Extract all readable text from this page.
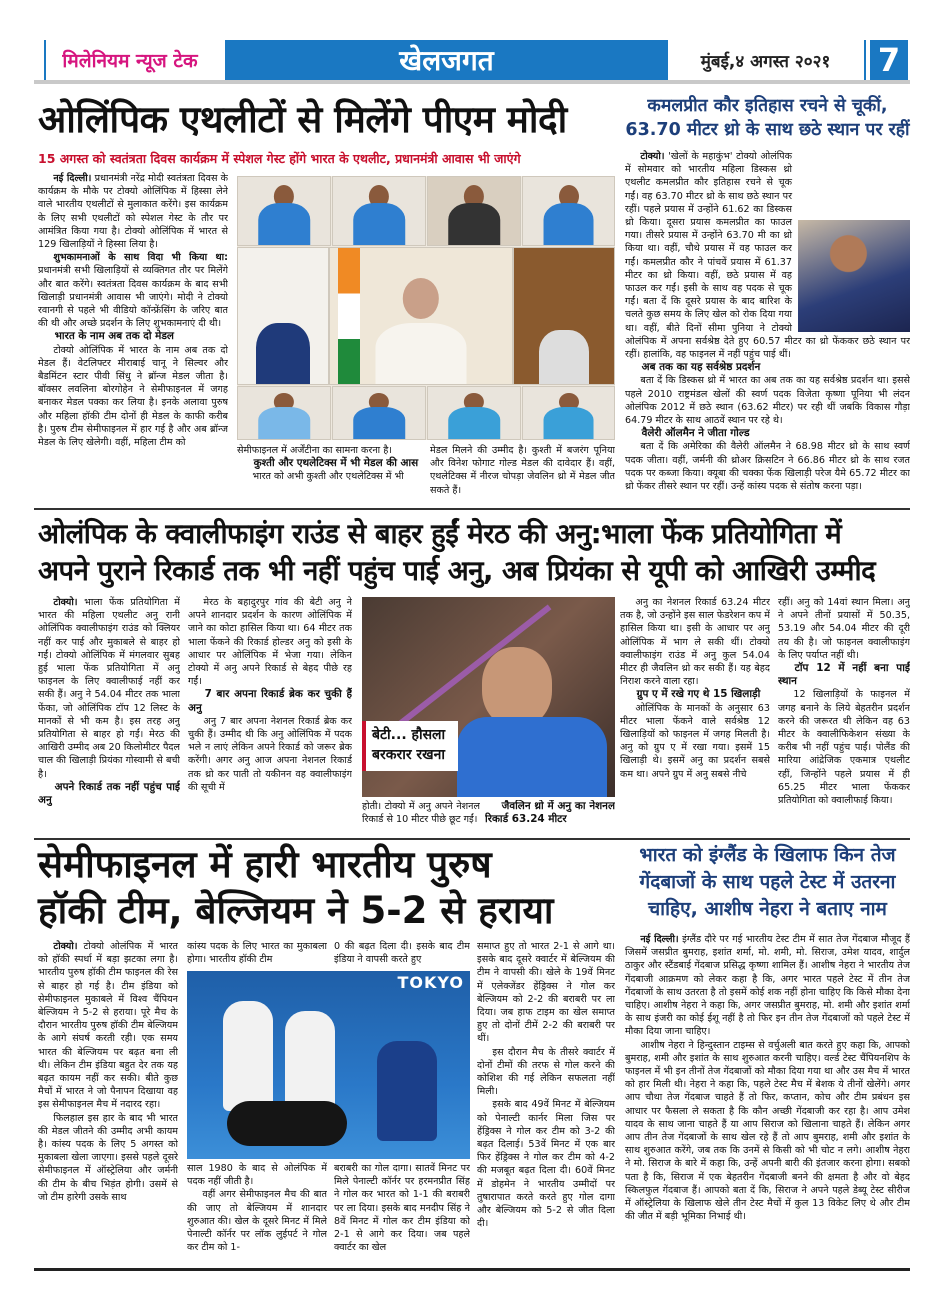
मिलेनियम न्यूज टेक	खेलजगत	मुंबई,४ अगस्त २०२१	7
ओलिंपिक एथलीटों से मिलेंगे पीएम मोदी
15 अगस्त को स्वतंत्रता दिवस कार्यक्रम में स्पेशल गेस्ट होंगे भारत के एथलीट, प्रधानमंत्री आवास भी जाएंगे

नई दिल्ली। प्रधानमंत्री नरेंद्र मोदी स्वतंत्रता दिवस के कार्यक्रम के मौके पर टोक्यो ओलिंपिक में हिस्सा लेने वाले भारतीय एथलीटों से मुलाकात करेंगे। इस कार्यक्रम के लिए सभी एथलीटों को स्पेशल गेस्ट के तौर पर आमंत्रित किया गया है। टोक्यो ओलिंपिक में भारत से 129 खिलाड़ियों ने हिस्सा लिया है।

शुभकामनाओं के साथ विदा भी किया था: प्रधानमंत्री सभी खिलाड़ियों से व्यक्तिगत तौर पर मिलेंगे और बात करेंगे। स्वतंत्रता दिवस कार्यक्रम के बाद सभी खिलाड़ी प्रधानमंत्री आवास भी जाएंगे। मोदी ने टोक्यो रवानगी से पहले भी वीडियो कॉन्फ्रेंसिंग के जरिए बात की थी और अच्छे प्रदर्शन के लिए शुभकामनाएं दी थी।

भारत के नाम अब तक दो मेडल

टोक्यो ओलिंपिक में भारत के नाम अब तक दो मेडल हैं। वेटलिफ्टर मीराबाई चानू ने सिल्वर और बैडमिंटन स्टार पीवी सिंधु ने ब्रॉन्ज मेडल जीता है। बॉक्सर लवलिना बोरगोहेन ने सेमीफाइनल में जगह बनाकर मेडल पक्का कर लिया है। इनके अलावा पुरुष और महिला हॉकी टीम दोनों ही मेडल के काफी करीब है। पुरुष टीम सेमीफाइनल में हार गई है और अब ब्रॉन्ज मेडल के लिए खेलेगी। वहीं, महिला टीम को

सेमीफाइनल में अर्जेंटीना का सामना करना है।

कुश्ती और एथलेटिक्स में भी मेडल की आस

भारत को अभी कुश्ती और एथलेटिक्स में भी

मेडल मिलने की उम्मीद है। कुश्ती में बजरंग पूनिया और विनेश फोगाट गोल्ड मेडल की दावेदार हैं। वहीं, एथलेटिक्स में नीरज चोपड़ा जेवलिन थ्रो में मेडल जीत सकते हैं।

कमलप्रीत कौर इतिहास रचने से चूकीं, 63.70 मीटर थ्रो के साथ छठे स्थान पर रहीं

टोक्यो। 'खेलों के महाकुंभ' टोक्यो ओलंपिक में सोमवार को भारतीय महिला डिस्कस थ्रो एथलीट कमलप्रीत कौर इतिहास रचने से चूक गईं। वह 63.70 मीटर थ्रो के साथ छठे स्थान पर रहीं। पहले प्रयास में उन्होंने 61.62 का डिस्कस थ्रो किया। दूसरा प्रयास कमलप्रीत का फाउल गया। तीसरे प्रयास में उन्होंने 63.70 मी का थ्रो किया था। वहीं, चौथे प्रयास में वह फाउल कर गईं। कमलप्रीत कौर ने पांचवें प्रयास में 61.37 मीटर का थ्रो किया। वहीं, छठे प्रयास में वह फाउल कर गईं। इसी के साथ वह पदक से चूक गईं। बता दें कि दूसरे प्रयास के बाद बारिश के चलते कुछ समय के लिए खेल को रोक दिया गया था। वहीं, बीते दिनों सीमा पुनिया ने टोक्यो ओलंपिक में अपना सर्वश्रेष्ठ देते हुए 60.57 मीटर का थ्रो फेंककर छठे स्थान पर रहीं। हालांकि, वह फाइनल में नहीं पहुंच पाई थीं।

अब तक का यह सर्वश्रेष्ठ प्रदर्शन

बता दें कि डिस्कस थ्रो में भारत का अब तक का यह सर्वश्रेष्ठ प्रदर्शन था। इससे पहले 2010 राष्ट्रमंडल खेलों की स्वर्ण पदक विजेता कृष्णा पूनिया भी लंदन ओलंपिक 2012 में छठे स्थान (63.62 मीटर) पर रही थीं जबकि विकास गौड़ा 64.79 मीटर के साथ आठवें स्थान पर रहे थे।

वैलेरी ऑलमैन ने जीता गोल्ड

बता दें कि अमेरिका की वैलेरी ऑलमैन ने 68.98 मीटर थ्रो के साथ स्वर्ण पदक जीता। वहीं, जर्मनी की थ्रोअर क्रिसटिन ने 66.86 मीटर थ्रो के साथ रजत पदक पर कब्जा किया। क्यूबा की चक्का फेंक खिलाड़ी परेज यैमे 65.72 मीटर का थ्रो फेंकर तीसरे स्थान पर रहीं। उन्हें कांस्य पदक से संतोष करना पड़ा।

ओलंपिक के क्वालीफाइंग राउंड से बाहर हुईं मेरठ की अनु:भाला फेंक प्रतियोगिता में
अपने पुराने रिकार्ड तक भी नहीं पहुंच पाई अनु, अब प्रियंका से यूपी को आखिरी उम्मीद

टोक्यो। भाला फेंक प्रतियोगिता में भारत की महिला एथलीट अनु रानी ओलिंपिक क्वालीफाइंग राउंड को क्लियर नहीं कर पाई और मुकाबले से बाहर हो गईं। टोक्यो ओलिंपिक में मंगलवार सुबह हुई भाला फेंक प्रतियोगिता में अनु फाइनल के लिए क्वालीफाई नहीं कर सकी हैं। अनु ने 54.04 मीटर तक भाला फेंका, जो ओलिंपिक टॉप 12 लिस्ट के मानकों से भी कम है। इस तरह अनु प्रतियोगिता से बाहर हो गईं। मेरठ की आखिरी उम्मीद अब 20 किलोमीटर पैदल चाल की खिलाड़ी प्रियंका गोस्वामी से बची है।

अपने रिकार्ड तक नहीं पहुंच पाई अनु

मेरठ के बहादुरपुर गांव की बेटी अनु ने अपने शानदार प्रदर्शन के कारण ओलिंपिक में जाने का कोटा हासिल किया था। 64 मीटर तक भाला फेंकने की रिकार्ड होल्डर अनु को इसी के आधार पर ओलिंपिक में भेजा गया। लेकिन टोक्यो में अनु अपने रिकार्ड से बेहद पीछे रह गईं।

7 बार अपना रिकार्ड ब्रेक कर चुकी हैं अनु

अनु 7 बार अपना नेशनल रिकार्ड ब्रेक कर चुकी हैं। उम्मीद थी कि अनु ओलिंपिक में पदक भले न लाएं लेकिन अपने रिकार्ड को जरूर ब्रेक करेंगी। अगर अनु आज अपना नेशनल रिकार्ड तक थ्रो कर पाती तो यकीनन वह क्वालीफाइंग की सूची में

बेटी... हौसला
बरकरार रखना

होती। टोक्यो में अनु अपने नेशनल रिकार्ड से 10 मीटर पीछे छूट गईं।

जैवलिन थ्रो में अनु का नेशनल रिकार्ड 63.24 मीटर

अनु का नेशनल रिकार्ड 63.24 मीटर तक है, जो उन्होंने इस साल फेडरेशन कप में हासिल किया था। इसी के आधार पर अनु ओलिंपिक में भाग ले सकी थीं। टोक्यो क्वालीफाइंग राउंड में अनु कुल 54.04 मीटर ही जैवलिन थ्रो कर सकी हैं। यह बेहद निराश करने वाला रहा।

ग्रुप ए में रखे गए थे 15 खिलाड़ी

ओलिंपिक के मानकों के अनुसार 63 मीटर भाला फेंकने वाले सर्वश्रेष्ठ 12 खिलाड़ियों को फाइनल में जगह मिलती है। अनु को ग्रुप ए में रखा गया। इसमें 15 खिलाड़ी थे। इसमें अनु का प्रदर्शन सबसे कम था। अपने ग्रुप में अनु सबसे नीचे

रहीं। अनु को 14वां स्थान मिला। अनु ने अपने तीनों प्रयासों में 50.35, 53.19 और 54.04 मीटर की दूरी तय की है। जो फाइनल क्वालीफाइंग के लिए पर्याप्त नहीं थी।

टॉप 12 में नहीं बना पाईं स्थान

12 खिलाड़ियों के फाइनल में जगह बनाने के लिये बेहतरीन प्रदर्शन करने की जरूरत थी लेकिन वह 63 मीटर के क्वालीफिकेशन संख्या के करीब भी नहीं पहुंच पाईं। पोलैंड की मारिया आंद्रेजिक एकमात्र एथलीट रहीं, जिन्होंने पहले प्रयास में ही 65.25 मीटर भाला फेंककर प्रतियोगिता को क्वालीफाई किया।

सेमीफाइनल में हारी भारतीय पुरुष
हॉकी टीम, बेल्जियम ने 5-2 से हराया

टोक्यो। टोक्यो ओलंपिक में भारत को हॉकी स्पर्धा में बड़ा झटका लगा है। भारतीय पुरुष हॉकी टीम फाइनल की रेस से बाहर हो गई है। टीम इंडिया को सेमीफाइनल मुकाबले में विश्व चैंपियन बेल्जियम ने 5-2 से हराया। पूरे मैच के दौरान भारतीय पुरुष हॉकी टीम बेल्जियम के आगे संघर्ष करती रही। एक समय भारत की बेल्जियम पर बढ़त बना ली थी। लेकिन टीम इंडिया बहुत देर तक यह बढ़त कायम नहीं कर सकी। बीते कुछ मैचों में भारत ने जो पैनापन दिखाया वह इस सेमीफाइनल मैच में नदारद रहा।

फिलहाल इस हार के बाद भी भारत की मेडल जीतने की उम्मीद अभी कायम है। कांस्य पदक के लिए 5 अगस्त को मुकाबला खेला जाएगा। इससे पहले दूसरे सेमीफाइनल में ऑस्ट्रेलिया और जर्मनी की टीम के बीच भिड़ंत होगी। उसमें से जो टीम हारेगी उसके साथ

कांस्य पदक के लिए भारत का मुकाबला होगा। भारतीय हॉकी टीम

0 की बढ़त दिला दी। इसके बाद टीम इंडिया ने वापसी करते हुए

TOKYO

साल 1980 के बाद से ओलंपिक में पदक नहीं जीती है।

वहीं अगर सेमीफाइनल मैच की बात की जाए तो बेल्जियम में शानदार शुरुआत की। खेल के दूसरे मिनट में मिले पेनाल्टी कॉर्नर पर लॉक लुईपर्ट ने गोल कर टीम को 1-

बराबरी का गोल दागा। सातवें मिनट पर मिले पेनाल्टी कॉर्नर पर हरमनप्रीत सिंह ने गोल कर भारत को 1-1 की बराबरी पर ला दिया। इसके बाद मनदीप सिंह ने 8वें मिनट में गोल कर टीम इंडिया को 2-1 से आगे कर दिया। जब पहले क्वार्टर का खेल

समाप्त हुए तो भारत 2-1 से आगे था। इसके बाद दूसरे क्वार्टर में बेल्जियम की टीम ने वापसी की। खेले के 19वें मिनट में एलेक्जेंडर हेंड्रिक्स ने गोल कर बेल्जियम को 2-2 की बराबरी पर ला दिया। जब हाफ टाइम का खेल समाप्त हुए तो दोनों टीमें 2-2 की बराबरी पर थीं।

इस दौरान मैच के तीसरे क्वार्टर में दोनों टीमों की तरफ से गोल करने की कोशिश की गई लेकिन सफलता नहीं मिली।

इसके बाद 49वें मिनट में बेल्जियम को पेनाल्टी कार्नर मिला जिस पर हेंड्रिक्स ने गोल कर टीम को 3-2 की बढ़त दिलाई। 53वें मिनट में एक बार फिर हेंड्रिक्स ने गोल कर टीम को 4-2 की मजबूत बढ़त दिला दी। 60वें मिनट में डोहमेन ने भारतीय उम्मीदों पर तुषारापात करते करते हुए गोल दागा और बेल्जियम को 5-2 से जीत दिला दी।

भारत को इंग्लैंड के खिलाफ किन तेज गेंदबाजों के साथ पहले टेस्ट में उतरना चाहिए, आशीष नेहरा ने बताए नाम

नई दिल्ली। इंग्लैंड दौरे पर गई भारतीय टेस्ट टीम में सात तेज गेंदबाज मौजूद हैं जिसमें जसप्रीत बुमराह, इशांत शर्मा, मो. शमी, मो. सिराज, उमेश यादव, शार्दुल ठाकुर और स्टैंडबाई गेंदबाज प्रसिद्ध कृष्णा शामिल हैं। आशीष नेहरा ने भारतीय तेज गेंदबाजी आक्रमण को लेकर कहा है कि, अगर भारत पहले टेस्ट में तीन तेज गेंदबाजों के साथ उतरता है तो इसमें कोई शक नहीं होना चाहिए कि किसे मौका देना चाहिए। आशीष नेहरा ने कहा कि, अगर जसप्रीत बुमराह, मो. शमी और इशांत शर्मा के साथ इंजरी का कोई ईशू नहीं है तो फिर इन तीन तेज गेंदबाजों को पहले टेस्ट में मौका दिया जाना चाहिए।

आशीष नेहरा ने हिन्दुस्तान टाइम्स से वर्चुअली बात करते हुए कहा कि, आपको बुमराह, शमी और इशांत के साथ शुरुआत करनी चाहिए। वर्ल्ड टेस्ट चैंपियनशिप के फाइनल में भी इन तीनों तेज गेंदबाजों को मौका दिया गया था और उस मैच में भारत को हार मिली थी। नेहरा ने कहा कि, पहले टेस्ट मैच में बेशक ये तीनों खेलेंगे। अगर आप चौथा तेज गेंदबाज चाहते हैं तो फिर, कप्तान, कोच और टीम प्रबंधन इस आधार पर फैसला ले सकता है कि कौन अच्छी गेंदबाजी कर रहा है। आप उमेश यादव के साथ जाना चाहते हैं या आप सिराज को खिलाना चाहते हैं। लेकिन अगर आप तीन तेज गेंदबाजों के साथ खेल रहे हैं तो आप बुमराह, शमी और इशांत के साथ शुरुआत करेंगे, जब तक कि उनमें से किसी को भी चोट न लगे। आशीष नेहरा ने मो. सिराज के बारे में कहा कि, उन्हें अपनी बारी की इंतजार करना होगा। सबको पता है कि, सिराज में एक बेहतरीन गेंदबाजी बनने की क्षमता है और वो बेहद स्किलफुल गेंदबाज हैं। आपको बता दें कि, सिराज ने अपने पहले डेब्यू टेस्ट सीरीज में ऑस्ट्रेलिया के खिलाफ खेले तीन टेस्ट मैचों में कुल 13 विकेट लिए थे और टीम की जीत में बड़ी भूमिका निभाई थी।
